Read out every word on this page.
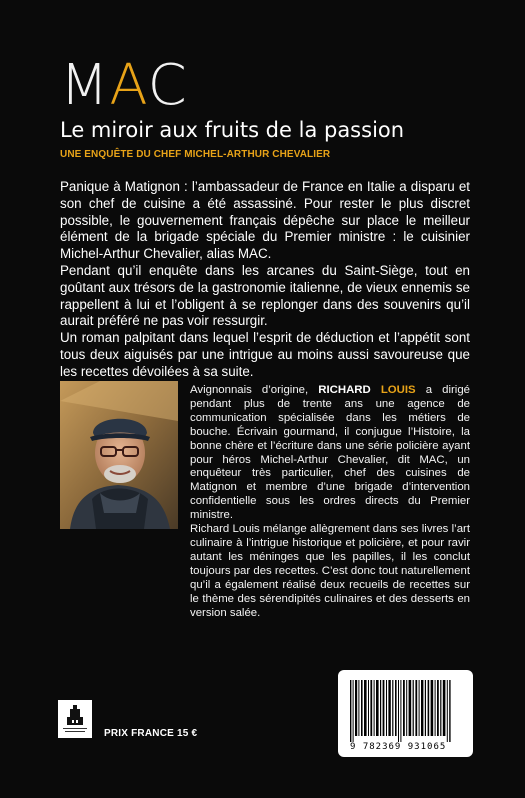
MAC
Le miroir aux fruits de la passion
UNE ENQUÊTE DU CHEF MICHEL-ARTHUR CHEVALIER

Panique à Matignon : l’ambassadeur de France en Italie a disparu et son chef de cuisine a été assassiné. Pour rester le plus discret possible, le gouvernement français dépêche sur place le meilleur élément de la brigade spéciale du Premier ministre : le cuisinier Michel-Arthur Chevalier, alias MAC.

Pendant qu’il enquête dans les arcanes du Saint-Siège, tout en goûtant aux trésors de la gastronomie italienne, de vieux ennemis se rappellent à lui et l’obligent à se replonger dans des souvenirs qu’il aurait préféré ne pas voir ressurgir.

Un roman palpitant dans lequel l’esprit de déduction et l’appétit sont tous deux aiguisés par une intrigue au moins aussi savoureuse que les recettes dévoilées à sa suite.

Avignonnais d’origine, RICHARD LOUIS a dirigé pendant plus de trente ans une agence de communication spécialisée dans les métiers de bouche. Écrivain gourmand, il conjugue l’Histoire, la bonne chère et l’écriture dans une série policière ayant pour héros Michel-Arthur Chevalier, dit MAC, un enquêteur très particulier, chef des cuisines de Matignon et membre d’une brigade d’intervention confidentielle sous les ordres directs du Premier ministre.

Richard Louis mélange allègrement dans ses livres l’art culinaire à l’intrigue historique et policière, et pour ravir autant les méninges que les papilles, il les conclut toujours par des recettes. C’est donc tout naturellement qu’il a également réalisé deux recueils de recettes sur le thème des sérendipités culinaires et des desserts en version salée.

PRIX FRANCE 15 €
9 782369 931065
